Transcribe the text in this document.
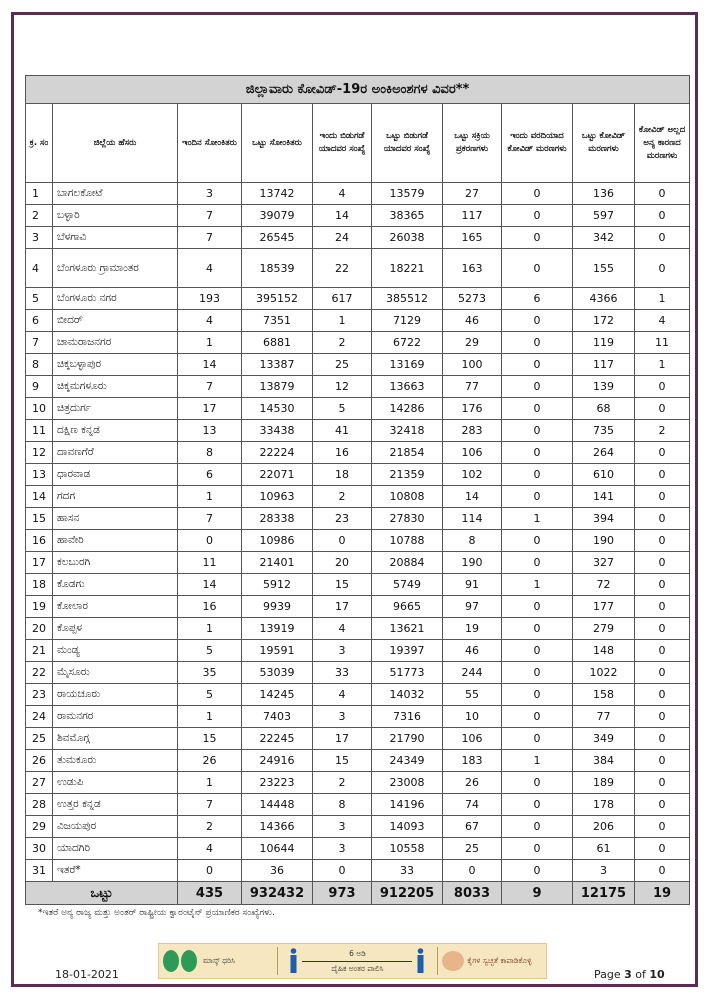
ಜಿಲ್ಲಾವಾರು ಕೋವಿಡ್-19ರ ಅಂಕಿಅಂಶಗಳ ವಿವರ**									
ಕ್ರ. ಸಂ	ಜಿಲ್ಲೆಯ ಹೆಸರು	ಇಂದಿನ ಸೋಂಕಿತರು	ಒಟ್ಟು ಸೋಂಕಿತರು	ಇಂದು ಬಿಡುಗಡೆ ಯಾದವರ ಸಂಖ್ಯೆ	ಒಟ್ಟು ಬಿಡುಗಡೆ ಯಾದವರ ಸಂಖ್ಯೆ	ಒಟ್ಟು ಸಕ್ರಿಯ ಪ್ರಕರಣಗಳು	ಇಂದು ವರದಿಯಾದ ಕೋವಿಡ್ ಮರಣಗಳು	ಒಟ್ಟು ಕೋವಿಡ್ ಮರಣಗಳು	ಕೋವಿಡ್ ಅಲ್ಲದ ಅನ್ಯ ಕಾರಣದ ಮರಣಗಳು
1	ಬಾಗಲಕೋಟೆ	3	13742	4	13579	27	0	136	0
2	ಬಳ್ಳಾರಿ	7	39079	14	38365	117	0	597	0
3	ಬೆಳಗಾವಿ	7	26545	24	26038	165	0	342	0
4	ಬೆಂಗಳೂರು ಗ್ರಾಮಾಂತರ	4	18539	22	18221	163	0	155	0
5	ಬೆಂಗಳೂರು ನಗರ	193	395152	617	385512	5273	6	4366	1
6	ಬೀದರ್	4	7351	1	7129	46	0	172	4
7	ಚಾಮರಾಜನಗರ	1	6881	2	6722	29	0	119	11
8	ಚಿಕ್ಕಬಳ್ಳಾಪುರ	14	13387	25	13169	100	0	117	1
9	ಚಿಕ್ಕಮಗಳೂರು	7	13879	12	13663	77	0	139	0
10	ಚಿತ್ರದುರ್ಗ	17	14530	5	14286	176	0	68	0
11	ದಕ್ಷಿಣ ಕನ್ನಡ	13	33438	41	32418	283	0	735	2
12	ದಾವಣಗೆರೆ	8	22224	16	21854	106	0	264	0
13	ಧಾರವಾಡ	6	22071	18	21359	102	0	610	0
14	ಗದಗ	1	10963	2	10808	14	0	141	0
15	ಹಾಸನ	7	28338	23	27830	114	1	394	0
16	ಹಾವೇರಿ	0	10986	0	10788	8	0	190	0
17	ಕಲಬುರಗಿ	11	21401	20	20884	190	0	327	0
18	ಕೊಡಗು	14	5912	15	5749	91	1	72	0
19	ಕೋಲಾರ	16	9939	17	9665	97	0	177	0
20	ಕೊಪ್ಪಳ	1	13919	4	13621	19	0	279	0
21	ಮಂಡ್ಯ	5	19591	3	19397	46	0	148	0
22	ಮೈಸೂರು	35	53039	33	51773	244	0	1022	0
23	ರಾಯಚೂರು	5	14245	4	14032	55	0	158	0
24	ರಾಮನಗರ	1	7403	3	7316	10	0	77	0
25	ಶಿವಮೊಗ್ಗ	15	22245	17	21790	106	0	349	0
26	ತುಮಕೂರು	26	24916	15	24349	183	1	384	0
27	ಉಡುಪಿ	1	23223	2	23008	26	0	189	0
28	ಉತ್ತರ ಕನ್ನಡ	7	14448	8	14196	74	0	178	0
29	ವಿಜಯಪುರ	2	14366	3	14093	67	0	206	0
30	ಯಾದಗಿರಿ	4	10644	3	10558	25	0	61	0
31	ಇತರೆ*	0	36	0	33	0	0	3	0
ಒಟ್ಟು		435	932432	973	912205	8033	9	12175	19
*ಇತರೆ ಅನ್ಯ ರಾಜ್ಯ ಮತ್ತು ಅಂತರ್ ರಾಷ್ಟ್ರೀಯ ಕ್ವಾರಂಟೈನ್ ಪ್ರಯಾಣಿಕರ ಸಂಖ್ಯೆಗಳು.
ಮಾಸ್ಕ್ ಧರಿಸಿ
6 ಅಡಿ
ದೈಹಿಕ ಅಂತರ ಪಾಲಿಸಿ
ಕೈಗಳ ಸ್ವಚ್ಛತೆ ಕಾಪಾಡಿಕೊಳ್ಳಿ
18-01-2021	Page 3 of 10
